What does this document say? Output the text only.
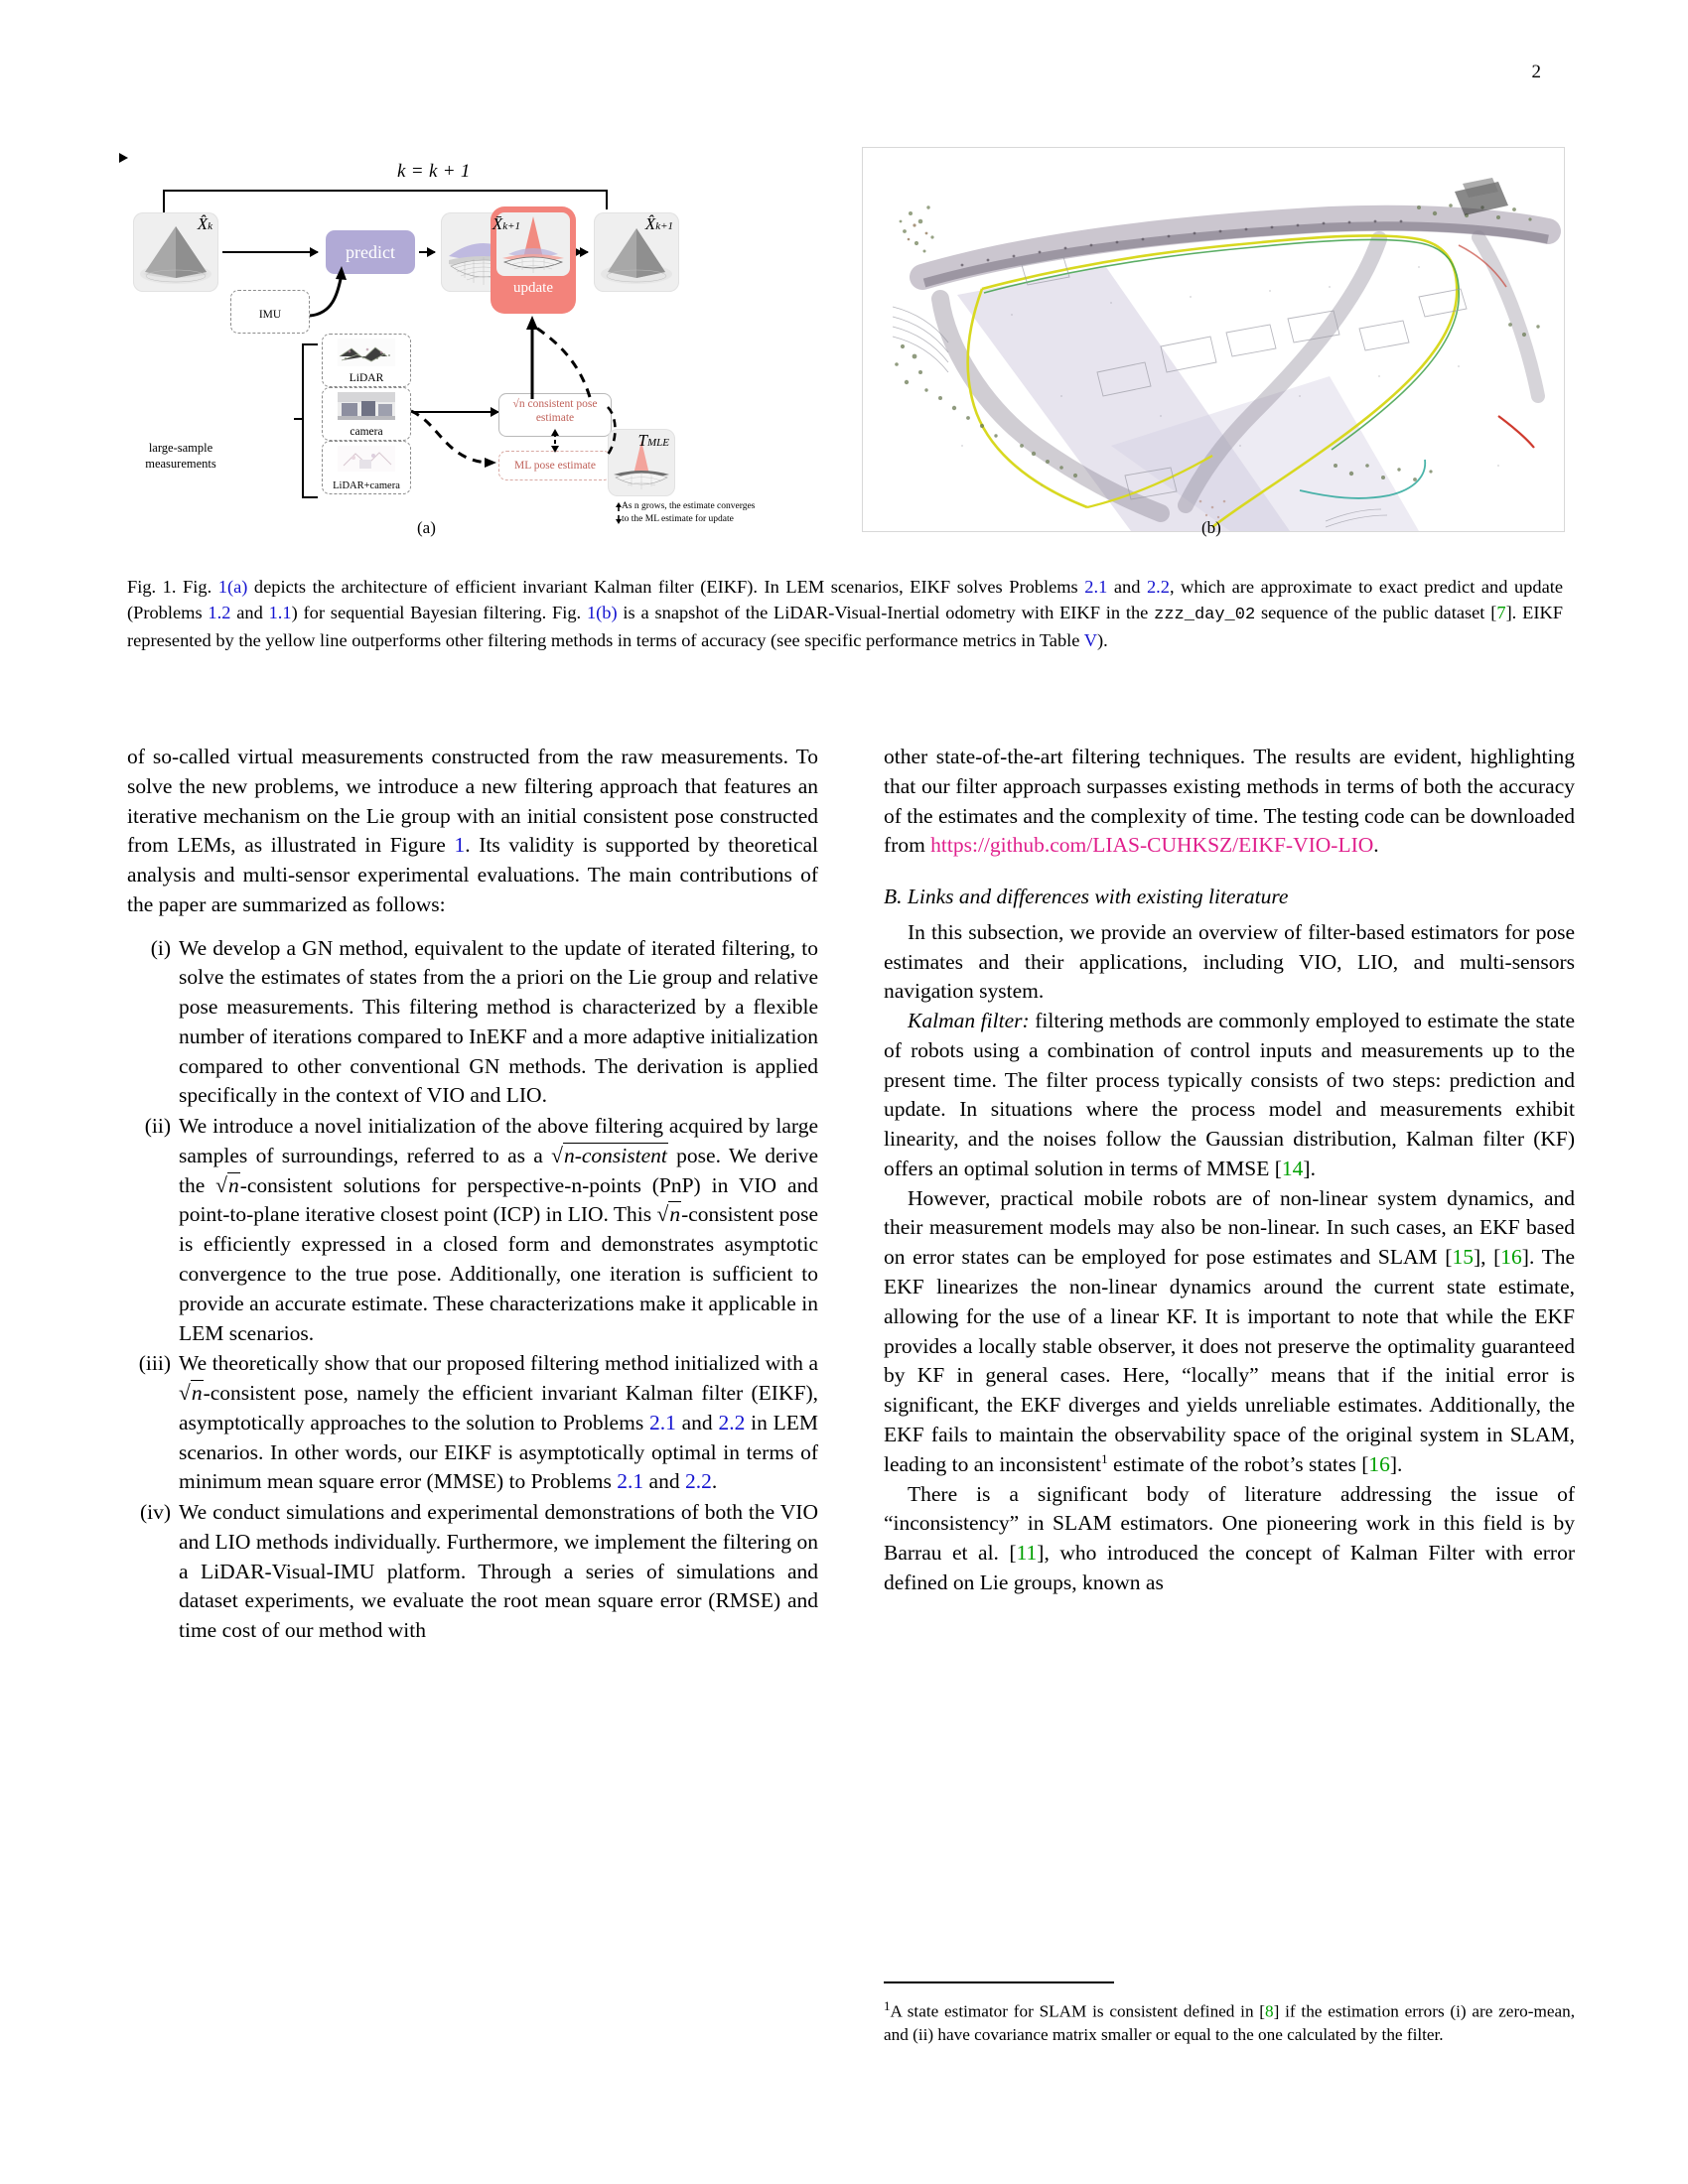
2
k = k + 1
X̂k
predict
X̄k+1
update
X̂k+1
IMU
LiDAR
camera
LiDAR+camera
large-sample
measurements
√n consistent pose
estimate
ML pose estimate
TMLE
As n grows, the estimate converges
to the ML estimate for update
(a)	(b)
Fig. 1. Fig. 1(a) depicts the architecture of efficient invariant Kalman filter (EIKF). In LEM scenarios, EIKF solves Problems 2.1 and 2.2, which are approximate to exact predict and update (Problems 1.2 and 1.1) for sequential Bayesian filtering. Fig. 1(b) is a snapshot of the LiDAR-Visual-Inertial odometry with EIKF in the zzz_day_02 sequence of the public dataset [7]. EIKF represented by the yellow line outperforms other filtering methods in terms of accuracy (see specific performance metrics in Table V).

of so-called virtual measurements constructed from the raw measurements. To solve the new problems, we introduce a new filtering approach that features an iterative mechanism on the Lie group with an initial consistent pose constructed from LEMs, as illustrated in Figure 1. Its validity is supported by theoretical analysis and multi-sensor experimental evaluations. The main contributions of the paper are summarized as follows:

(i) We develop a GN method, equivalent to the update of iterated filtering, to solve the estimates of states from the a priori on the Lie group and relative pose measurements. This filtering method is characterized by a flexible number of iterations compared to InEKF and a more adaptive initialization compared to other conventional GN methods. The derivation is applied specifically in the context of VIO and LIO.
(ii) We introduce a novel initialization of the above filtering acquired by large samples of surroundings, referred to as a √ n-consistent pose. We derive the √ n-consistent solutions for perspective-n-points (PnP) in VIO and point-to-plane iterative closest point (ICP) in LIO. This √ n-consistent pose is efficiently expressed in a closed form and demonstrates asymptotic convergence to the true pose. Additionally, one iteration is sufficient to provide an accurate estimate. These characterizations make it applicable in LEM scenarios.
(iii) We theoretically show that our proposed filtering method initialized with a √ n-consistent pose, namely the efficient invariant Kalman filter (EIKF), asymptotically approaches to the solution to Problems 2.1 and 2.2 in LEM scenarios. In other words, our EIKF is asymptotically optimal in terms of minimum mean square error (MMSE) to Problems 2.1 and 2.2.
(iv) We conduct simulations and experimental demonstrations of both the VIO and LIO methods individually. Furthermore, we implement the filtering on a LiDAR-Visual-IMU platform. Through a series of simulations and dataset experiments, we evaluate the root mean square error (RMSE) and time cost of our method with

other state-of-the-art filtering techniques. The results are evident, highlighting that our filter approach surpasses existing methods in terms of both the accuracy of the estimates and the complexity of time. The testing code can be downloaded from https://github.com/LIAS-CUHKSZ/EIKF-VIO-LIO.

B. Links and differences with existing literature

In this subsection, we provide an overview of filter-based estimators for pose estimates and their applications, including VIO, LIO, and multi-sensors navigation system.

Kalman filter: filtering methods are commonly employed to estimate the state of robots using a combination of control inputs and measurements up to the present time. The filter process typically consists of two steps: prediction and update. In situations where the process model and measurements exhibit linearity, and the noises follow the Gaussian distribution, Kalman filter (KF) offers an optimal solution in terms of MMSE [14].

However, practical mobile robots are of non-linear system dynamics, and their measurement models may also be non-linear. In such cases, an EKF based on error states can be employed for pose estimates and SLAM [15], [16]. The EKF linearizes the non-linear dynamics around the current state estimate, allowing for the use of a linear KF. It is important to note that while the EKF provides a locally stable observer, it does not preserve the optimality guaranteed by KF in general cases. Here, “locally” means that if the initial error is significant, the EKF diverges and yields unreliable estimates. Additionally, the EKF fails to maintain the observability space of the original system in SLAM, leading to an inconsistent$^1$ estimate of the robot’s states [16].

There is a significant body of literature addressing the issue of “inconsistency” in SLAM estimators. One pioneering work in this field is by Barrau et al. [11], who introduced the concept of Kalman Filter with error defined on Lie groups, known as

$^1$A state estimator for SLAM is consistent defined in [8] if the estimation errors (i) are zero-mean, and (ii) have covariance matrix smaller or equal to the one calculated by the filter.
